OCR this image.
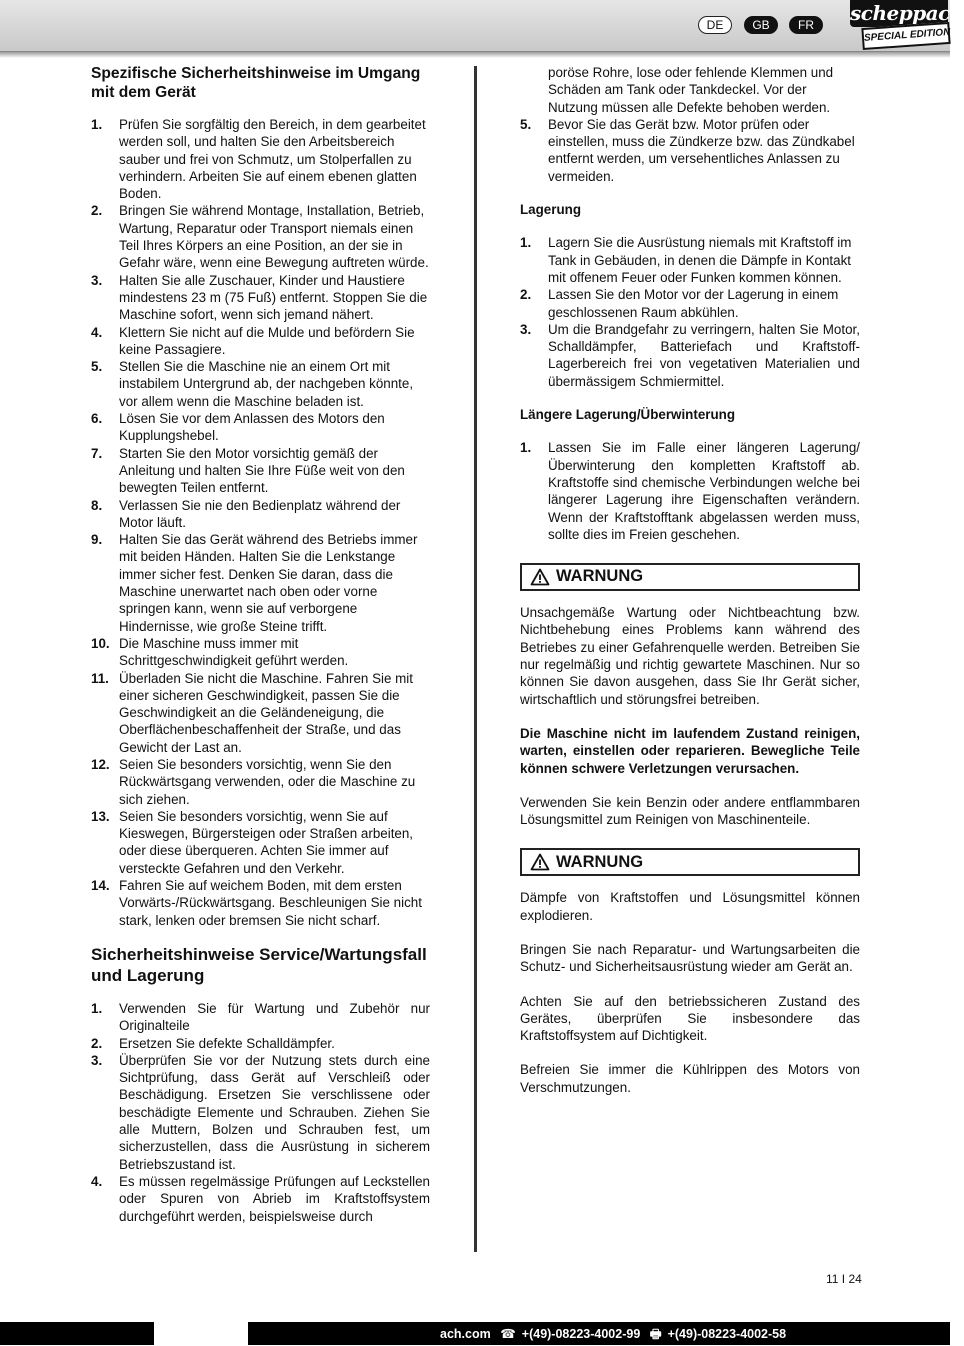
DE	GB	FR	scheppach
SPECIAL EDITION
Spezifische Sicherheitshinweise im Umgang mit dem Gerät
1. Prüfen Sie sorgfältig den Bereich, in dem gearbeitet werden soll, und halten Sie den Arbeitsbereich sauber und frei von Schmutz, um Stolperfallen zu verhindern. Arbeiten Sie auf einem ebenen glatten Boden.
2. Bringen Sie während Montage, Installation, Betrieb, Wartung, Reparatur oder Transport niemals einen Teil Ihres Körpers an eine Position, an der sie in Gefahr wäre, wenn eine Bewegung auftreten würde.
3. Halten Sie alle Zuschauer, Kinder und Haustiere mindestens 23 m (75 Fuß) entfernt. Stoppen Sie die Maschine sofort, wenn sich jemand nähert.
4. Klettern Sie nicht auf die Mulde und befördern Sie keine Passagiere.
5. Stellen Sie die Maschine nie an einem Ort mit instabilem Untergrund ab, der nachgeben könnte, vor allem wenn die Maschine beladen ist.
6. Lösen Sie vor dem Anlassen des Motors den Kupplungshebel.
7. Starten Sie den Motor vorsichtig gemäß der Anleitung und halten Sie Ihre Füße weit von den bewegten Teilen entfernt.
8. Verlassen Sie nie den Bedienplatz während der Motor läuft.
9. Halten Sie das Gerät während des Betriebs immer mit beiden Händen. Halten Sie die Lenkstange immer sicher fest. Denken Sie daran, dass die Maschine unerwartet nach oben oder vorne springen kann, wenn sie auf verborgene Hindernisse, wie große Steine trifft.
10. Die Maschine muss immer mit Schrittgeschwindigkeit geführt werden.
11. Überladen Sie nicht die Maschine. Fahren Sie mit einer sicheren Geschwindigkeit, passen Sie die Geschwindigkeit an die Geländeneigung, die Oberflächenbeschaffenheit der Straße, und das Gewicht der Last an.
12. Seien Sie besonders vorsichtig, wenn Sie den Rückwärtsgang verwenden, oder die Maschine zu sich ziehen.
13. Seien Sie besonders vorsichtig, wenn Sie auf Kieswegen, Bürgersteigen oder Straßen arbeiten, oder diese überqueren. Achten Sie immer auf versteckte Gefahren und den Verkehr.
14. Fahren Sie auf weichem Boden, mit dem ersten Vorwärts-/Rückwärtsgang. Beschleunigen Sie nicht stark, lenken oder bremsen Sie nicht scharf.
Sicherheitshinweise Service/Wartungsfall und Lagerung
1. Verwenden Sie für Wartung und Zubehör nur Originalteile
2. Ersetzen Sie defekte Schalldämpfer.
3. Überprüfen Sie vor der Nutzung stets durch eine Sichtprüfung, dass Gerät auf Verschleiß oder Beschädigung. Ersetzen Sie verschlissene oder beschädigte Elemente und Schrauben. Ziehen Sie alle Muttern, Bolzen und Schrauben fest, um sicherzustellen, dass die Ausrüstung in sicherem Betriebszustand ist.
4. Es müssen regelmässige Prüfungen auf Leckstellen oder Spuren von Abrieb im Kraftstoffsystem durchgeführt werden, beispielsweise durch
poröse Rohre, lose oder fehlende Klemmen und Schäden am Tank oder Tankdeckel. Vor der Nutzung müssen alle Defekte behoben werden.
5. Bevor Sie das Gerät bzw. Motor prüfen oder einstellen, muss die Zündkerze bzw. das Zündkabel entfernt werden, um versehentliches Anlassen zu vermeiden.
Lagerung
1. Lagern Sie die Ausrüstung niemals mit Kraftstoff im Tank in Gebäuden, in denen die Dämpfe in Kontakt mit offenem Feuer oder Funken kommen können.
2. Lassen Sie den Motor vor der Lagerung in einem geschlossenen Raum abkühlen.
3. Um die Brandgefahr zu verringern, halten Sie Motor, Schalldämpfer, Batteriefach und Kraftstoff-Lagerbereich frei von vegetativen Materialien und übermässigem Schmiermittel.
Längere Lagerung/Überwinterung
1. Lassen Sie im Falle einer längeren Lagerung/ Überwinterung den kompletten Kraftstoff ab. Kraftstoffe sind chemische Verbindungen welche bei längerer Lagerung ihre Eigenschaften verändern. Wenn der Kraftstofftank abgelassen werden muss, sollte dies im Freien geschehen.
WARNUNG
Unsachgemäße Wartung oder Nichtbeachtung bzw. Nichtbehebung eines Problems kann während des Betriebes zu einer Gefahrenquelle werden. Betreiben Sie nur regelmäßig und richtig gewartete Maschinen. Nur so können Sie davon ausgehen, dass Sie Ihr Gerät sicher, wirtschaftlich und störungsfrei betreiben.
Die Maschine nicht im laufendem Zustand reinigen, warten, einstellen oder reparieren. Bewegliche Teile können schwere Verletzungen verursachen.
Verwenden Sie kein Benzin oder andere entflammbaren Lösungsmittel zum Reinigen von Maschinenteile.
WARNUNG
Dämpfe von Kraftstoffen und Lösungsmittel können explodieren.
Bringen Sie nach Reparatur- und Wartungsarbeiten die Schutz- und Sicherheitsausrüstung wieder am Gerät an.
Achten Sie auf den betriebssicheren Zustand des Gerätes, überprüfen Sie insbesondere das Kraftstoffsystem auf Dichtigkeit.
Befreien Sie immer die Kühlrippen des Motors von Verschmutzungen.
11 I 24
ach.com ☎ +(49)-08223-4002-99 🖶 +(49)-08223-4002-58
